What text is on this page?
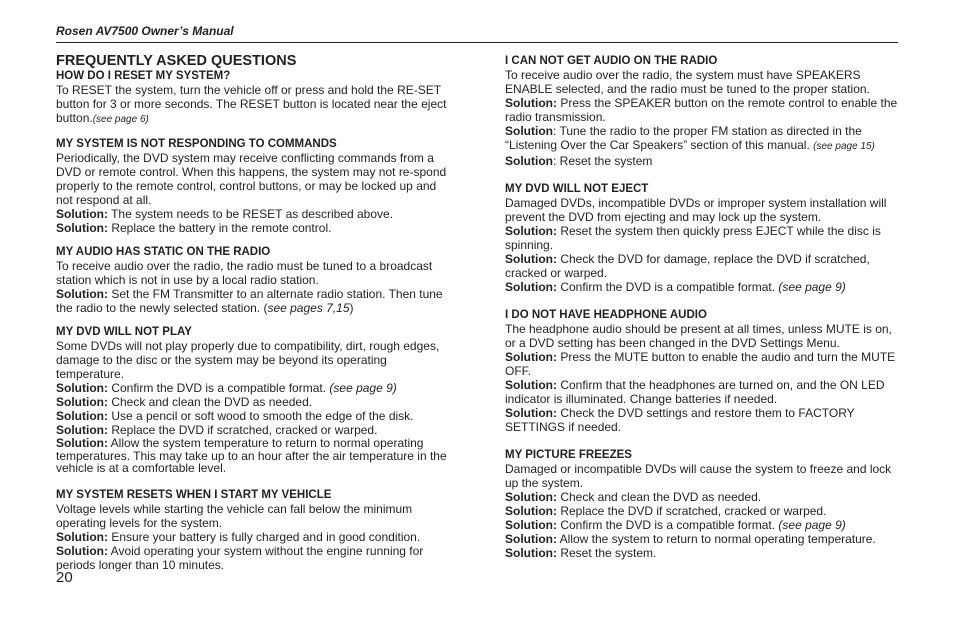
Rosen AV7500 Owner’s Manual
FREQUENTLY ASKED QUESTIONS

HOW DO I RESET MY SYSTEM?

To RESET the system, turn the vehicle off or press and hold the RE-SET button for 3 or more seconds. The RESET button is located near the eject button.(see page 6)

MY SYSTEM IS NOT RESPONDING TO COMMANDS

Periodically, the DVD system may receive conflicting commands from a DVD or remote control. When this happens, the system may not re-spond properly to the remote control, control buttons, or may be locked up and not respond at all.

Solution: The system needs to be RESET as described above.

Solution: Replace the battery in the remote control.

MY AUDIO HAS STATIC ON THE RADIO

To receive audio over the radio, the radio must be tuned to a broadcast station which is not in use by a local radio station.

Solution: Set the FM Transmitter to an alternate radio station. Then tune the radio to the newly selected station. (see pages 7,15)

MY DVD WILL NOT PLAY

Some DVDs will not play properly due to compatibility, dirt, rough edges, damage to the disc or the system may be beyond its operating temperature.

Solution: Confirm the DVD is a compatible format. (see page 9)

Solution: Check and clean the DVD as needed.

Solution: Use a pencil or soft wood to smooth the edge of the disk.

Solution: Replace the DVD if scratched, cracked or warped.

Solution: Allow the system temperature to return to normal operating temperatures. This may take up to an hour after the air temperature in the vehicle is at a comfortable level.

MY SYSTEM RESETS WHEN I START MY VEHICLE

Voltage levels while starting the vehicle can fall below the minimum operating levels for the system.

Solution: Ensure your battery is fully charged and in good condition.

Solution: Avoid operating your system without the engine running for periods longer than 10 minutes.

I CAN NOT GET AUDIO ON THE RADIO

To receive audio over the radio, the system must have SPEAKERS ENABLE selected, and the radio must be tuned to the proper station.

Solution: Press the SPEAKER button on the remote control to enable the radio transmission.

Solution: Tune the radio to the proper FM station as directed in the “Listening Over the Car Speakers” section of this manual. (see page 15)

Solution: Reset the system

MY DVD WILL NOT EJECT

Damaged DVDs, incompatible DVDs or improper system installation will prevent the DVD from ejecting and may lock up the system.

Solution: Reset the system then quickly press EJECT while the disc is spinning.

Solution: Check the DVD for damage, replace the DVD if scratched, cracked or warped.

Solution: Confirm the DVD is a compatible format. (see page 9)

I DO NOT HAVE HEADPHONE AUDIO

The headphone audio should be present at all times, unless MUTE is on, or a DVD setting has been changed in the DVD Settings Menu.

Solution: Press the MUTE button to enable the audio and turn the MUTE OFF.

Solution: Confirm that the headphones are turned on, and the ON LED indicator is illuminated. Change batteries if needed.

Solution: Check the DVD settings and restore them to FACTORY SETTINGS if needed.

MY PICTURE FREEZES

Damaged or incompatible DVDs will cause the system to freeze and lock up the system.

Solution: Check and clean the DVD as needed.

Solution: Replace the DVD if scratched, cracked or warped.

Solution: Confirm the DVD is a compatible format. (see page 9)

Solution: Allow the system to return to normal operating temperature.

Solution: Reset the system.

20
